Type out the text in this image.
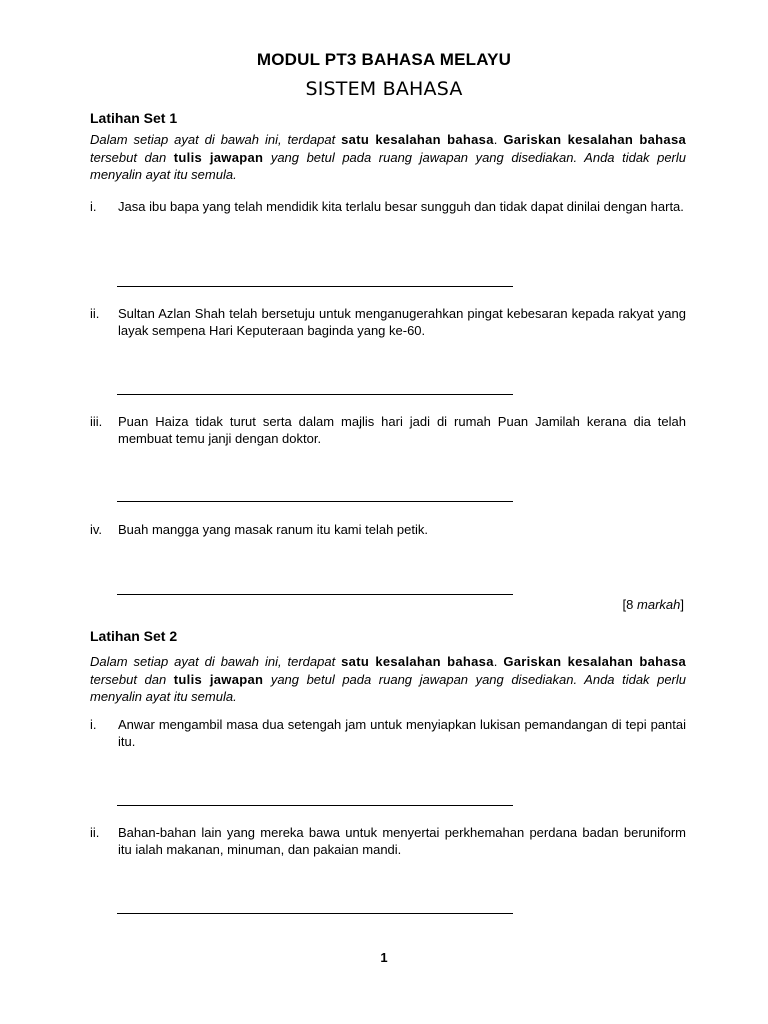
MODUL PT3 BAHASA MELAYU
SISTEM BAHASA
Latihan Set 1
Dalam setiap ayat di bawah ini, terdapat satu kesalahan bahasa. Gariskan kesalahan bahasa tersebut dan tulis jawapan yang betul pada ruang jawapan yang disediakan. Anda tidak perlu menyalin ayat itu semula.
i. Jasa ibu bapa yang telah mendidik kita terlalu besar sungguh dan tidak dapat dinilai dengan harta.
ii. Sultan Azlan Shah telah bersetuju untuk menganugerahkan pingat kebesaran kepada rakyat yang layak sempena Hari Keputeraan baginda yang ke-60.
iii. Puan Haiza tidak turut serta dalam majlis hari jadi di rumah Puan Jamilah kerana dia telah membuat temu janji dengan doktor.
iv. Buah mangga yang masak ranum itu kami telah petik.
[8 markah]
Latihan Set 2
Dalam setiap ayat di bawah ini, terdapat satu kesalahan bahasa. Gariskan kesalahan bahasa tersebut dan tulis jawapan yang betul pada ruang jawapan yang disediakan. Anda tidak perlu menyalin ayat itu semula.
i. Anwar mengambil masa dua setengah jam untuk menyiapkan lukisan pemandangan di tepi pantai itu.
ii. Bahan-bahan lain yang mereka bawa untuk menyertai perkhemahan perdana badan beruniform itu ialah makanan, minuman, dan pakaian mandi.
1
